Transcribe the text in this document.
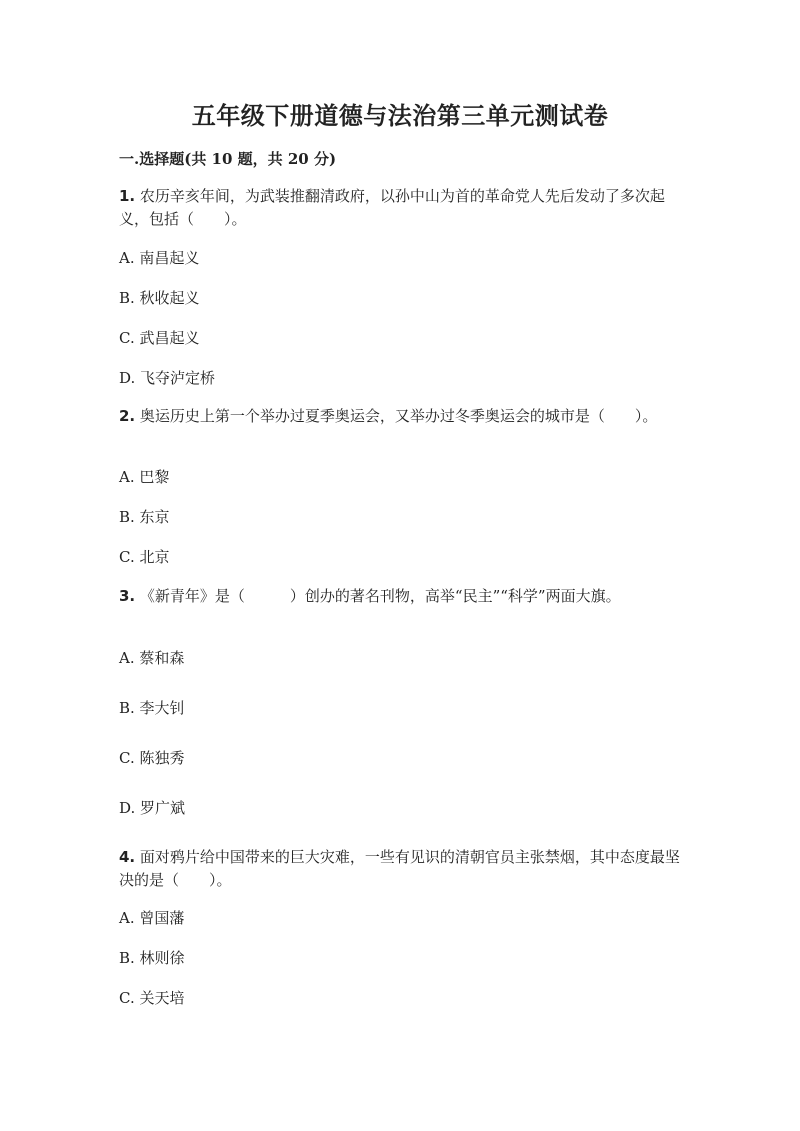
五年级下册道德与法治第三单元测试卷
一.选择题(共 10 题，共 20 分)
1. 农历辛亥年间，为武装推翻清政府，以孙中山为首的革命党人先后发动了多次起义，包括（　　）。
A. 南昌起义
B. 秋收起义
C. 武昌起义
D. 飞夺泸定桥
2. 奥运历史上第一个举办过夏季奥运会，又举办过冬季奥运会的城市是（　　）。
A. 巴黎
B. 东京
C. 北京
3. 《新青年》是（　　　）创办的著名刊物，高举“民主”“科学”两面大旗。
A. 蔡和森
B. 李大钊
C. 陈独秀
D. 罗广斌
4. 面对鸦片给中国带来的巨大灾难，一些有见识的清朝官员主张禁烟，其中态度最坚决的是（　　）。
A. 曾国藩
B. 林则徐
C. 关天培
